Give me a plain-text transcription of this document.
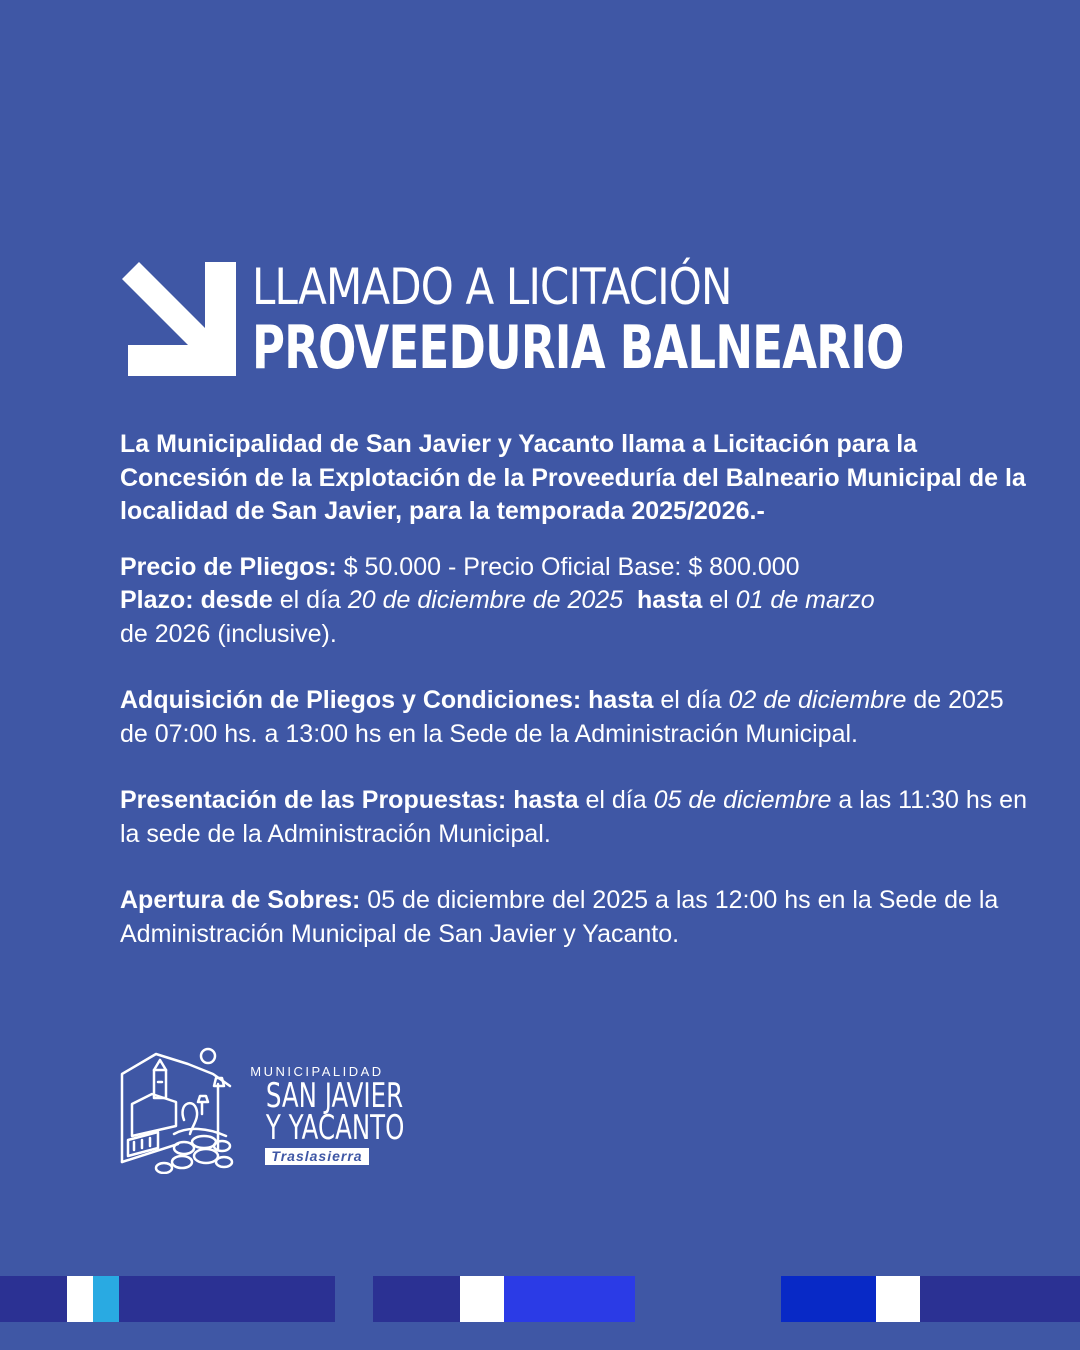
LLAMADO A LICITACIÓN
PROVEEDURIA BALNEARIO

La Municipalidad de San Javier y Yacanto llama a Licitación para la Concesión de la Explotación de la Proveeduría del Balneario Municipal de la localidad de San Javier, para la temporada 2025/2026.-

Precio de Pliegos: $ 50.000 - Precio Oficial Base: $ 800.000
Plazo: desde el día 20 de diciembre de 2025  hasta el 01 de marzo
de 2026 (inclusive).

Adquisición de Pliegos y Condiciones: hasta el día 02 de diciembre de 2025 de 07:00 hs. a 13:00 hs en la Sede de la Administración Municipal.

Presentación de las Propuestas: hasta el día 05 de diciembre a las 11:30 hs en la sede de la Administración Municipal.

Apertura de Sobres: 05 de diciembre del 2025 a las 12:00 hs en la Sede de la Administración Municipal de San Javier y Yacanto.

MUNICIPALIDAD
SAN JAVIER
Y YACANTO
Traslasierra
